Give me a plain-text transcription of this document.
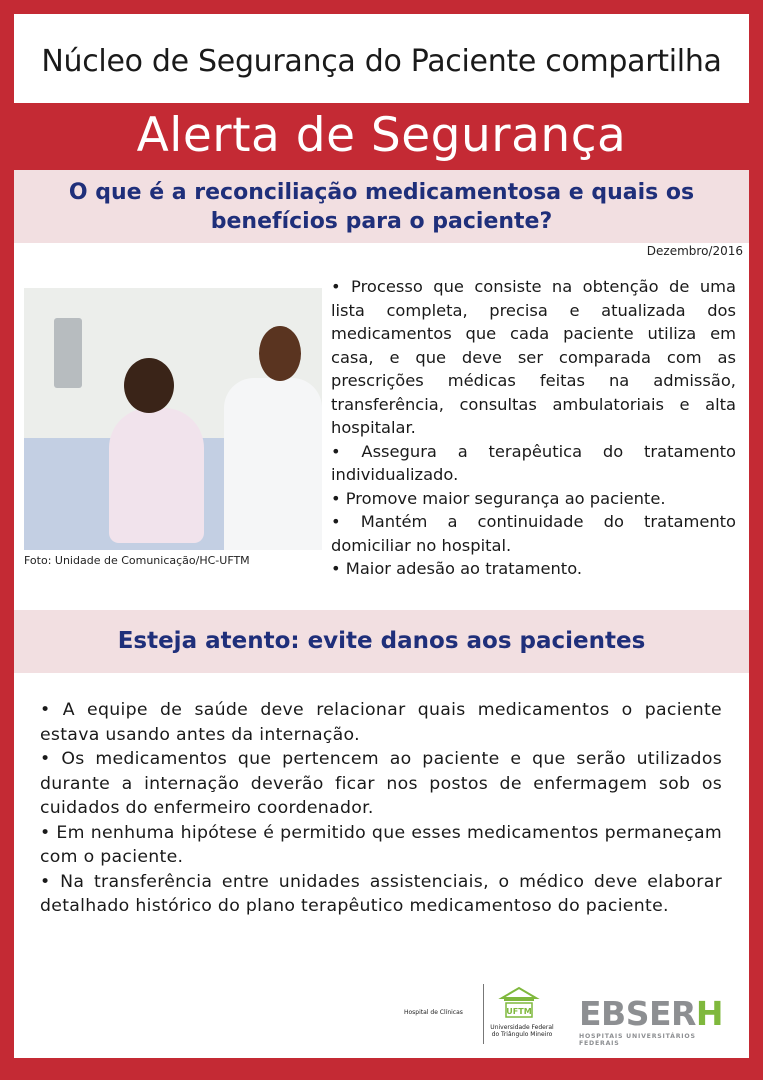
Núcleo de Segurança do Paciente compartilha
Alerta de Segurança
O que é a reconciliação medicamentosa e quais os
benefícios para o paciente?
Dezembro/2016
Foto: Unidade de Comunicação/HC-UFTM

• Processo que consiste na obtenção de uma lista completa, precisa e atualizada dos medicamentos que cada paciente utiliza em casa, e que deve ser comparada com as prescrições médicas feitas na admissão, transferência, consultas ambulatoriais e alta hospitalar.

• Assegura a terapêutica do tratamento individualizado.

• Promove maior segurança ao paciente.

• Mantém a continuidade do tratamento domiciliar no hospital.

• Maior adesão ao tratamento.

Esteja atento: evite danos aos pacientes

• A equipe de saúde deve relacionar quais medicamentos o paciente estava usando antes da internação.

• Os medicamentos que pertencem ao paciente e que serão utilizados durante a internação deverão ficar nos postos de enfermagem sob os cuidados do enfermeiro coordenador.

• Em nenhuma hipótese é permitido que esses medicamentos permaneçam com o paciente.

• Na transferência entre unidades assistenciais, o médico deve elaborar detalhado histórico do plano terapêutico medicamentoso do paciente.

Hospital de Clínicas	UFTM
Universidade Federal do Triângulo Mineiro
EBSERH
HOSPITAIS UNIVERSITÁRIOS FEDERAIS
